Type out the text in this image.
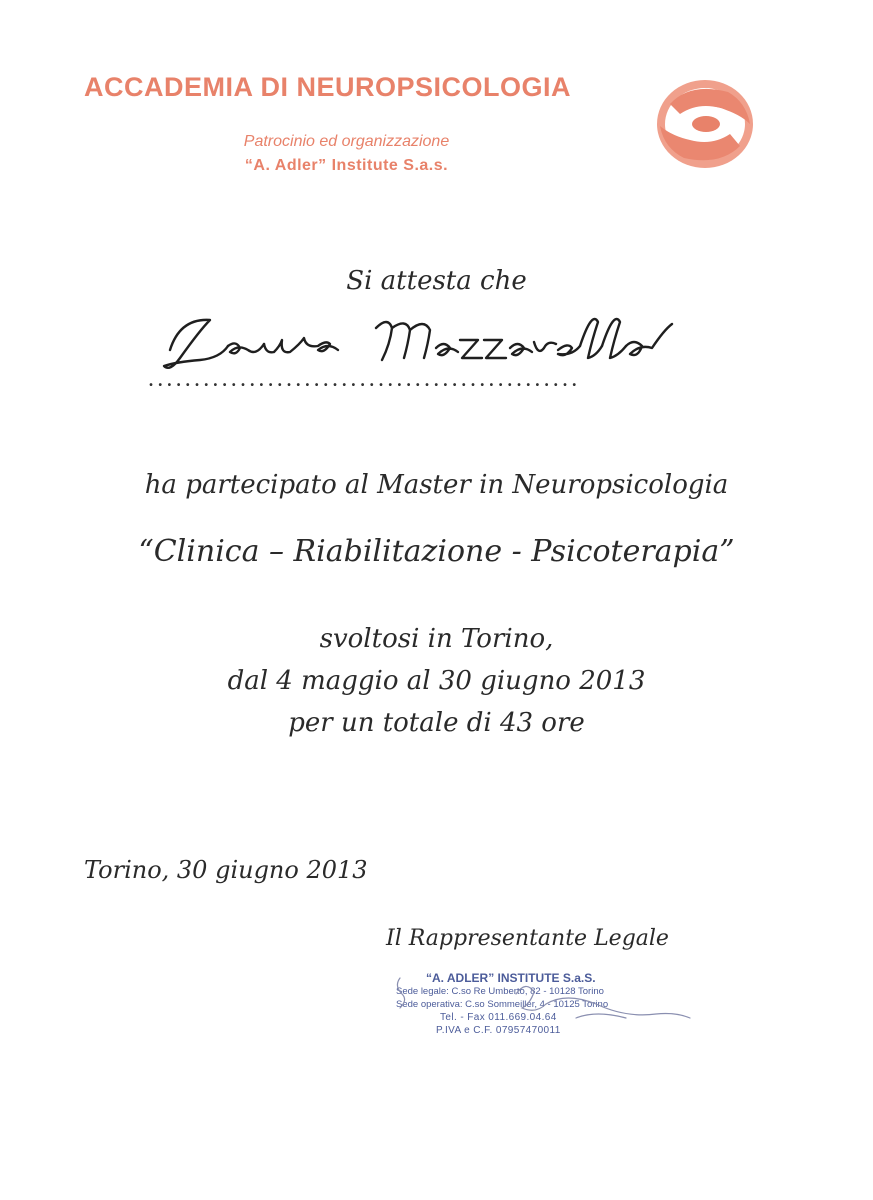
ACCADEMIA DI NEUROPSICOLOGIA
Patrocinio ed organizzazione
“A. Adler” Institute S.a.s.
Si attesta che
...............................................
ha partecipato al Master in Neuropsicologia
“Clinica – Riabilitazione - Psicoterapia”
svoltosi in Torino,
dal 4 maggio al 30 giugno 2013
per un totale di 43 ore
Torino, 30 giugno 2013
Il Rappresentante Legale
“A. ADLER” INSTITUTE S.a.S.
Sede legale: C.so Re Umberto, 82 - 10128 Torino
Sede operativa: C.so Sommeiller, 4 - 10125 Torino
Tel. - Fax 011.669.04.64
P.IVA e C.F. 07957470011
